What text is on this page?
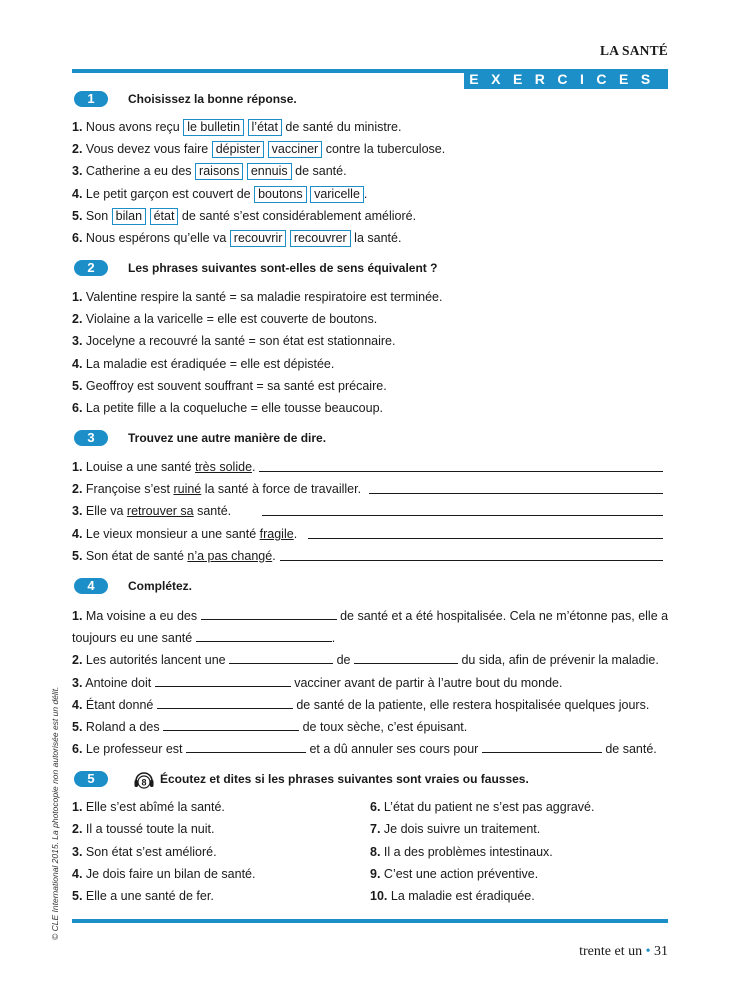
LA SANTÉ
EXERCICES
1	Choisissez la bonne réponse.
1. Nous avons reçu le bulletin l’état de santé du ministre.
2. Vous devez vous faire dépister vacciner contre la tuberculose.
3. Catherine a eu des raisons ennuis de santé.
4. Le petit garçon est couvert de boutons varicelle .
5. Son bilan état de santé s’est considérablement amélioré.
6. Nous espérons qu’elle va recouvrir recouvrer la santé.
2	Les phrases suivantes sont-elles de sens équivalent ?
1. Valentine respire la santé = sa maladie respiratoire est terminée.
2. Violaine a la varicelle = elle est couverte de boutons.
3. Jocelyne a recouvré la santé = son état est stationnaire.
4. La maladie est éradiquée = elle est dépistée.
5. Geoffroy est souvent souffrant = sa santé est précaire.
6. La petite fille a la coqueluche = elle tousse beaucoup.
3	Trouvez une autre manière de dire.
1. Louise a une santé très solide.
2. Françoise s’est ruiné la santé à force de travailler.
3. Elle va retrouver sa santé.
4. Le vieux monsieur a une santé fragile.
5. Son état de santé n’a pas changé.
4	Complétez.
1. Ma voisine a eu des	de santé et a été hospitalisée. Cela ne m’étonne pas, elle a
toujours eu une santé	.
2. Les autorités lancent une	de	du sida, afin de prévenir la maladie.
3. Antoine doit	vacciner avant de partir à l’autre bout du monde.
4. Étant donné	de santé de la patiente, elle restera hospitalisée quelques jours.
5. Roland a des	de toux sèche, c’est épuisant.
6. Le professeur est	et a dû annuler ses cours pour	de santé.
5	8 Écoutez et dites si les phrases suivantes sont vraies ou fausses.
1. Elle s’est abîmé la santé.
2. Il a toussé toute la nuit.
3. Son état s’est amélioré.
4. Je dois faire un bilan de santé.
5. Elle a une santé de fer.
6. L’état du patient ne s’est pas aggravé.
7. Je dois suivre un traitement.
8. Il a des problèmes intestinaux.
9. C’est une action préventive.
10. La maladie est éradiquée.
trente et un • 31
© CLE International 2015. La photocopie non autorisée est un délit.
